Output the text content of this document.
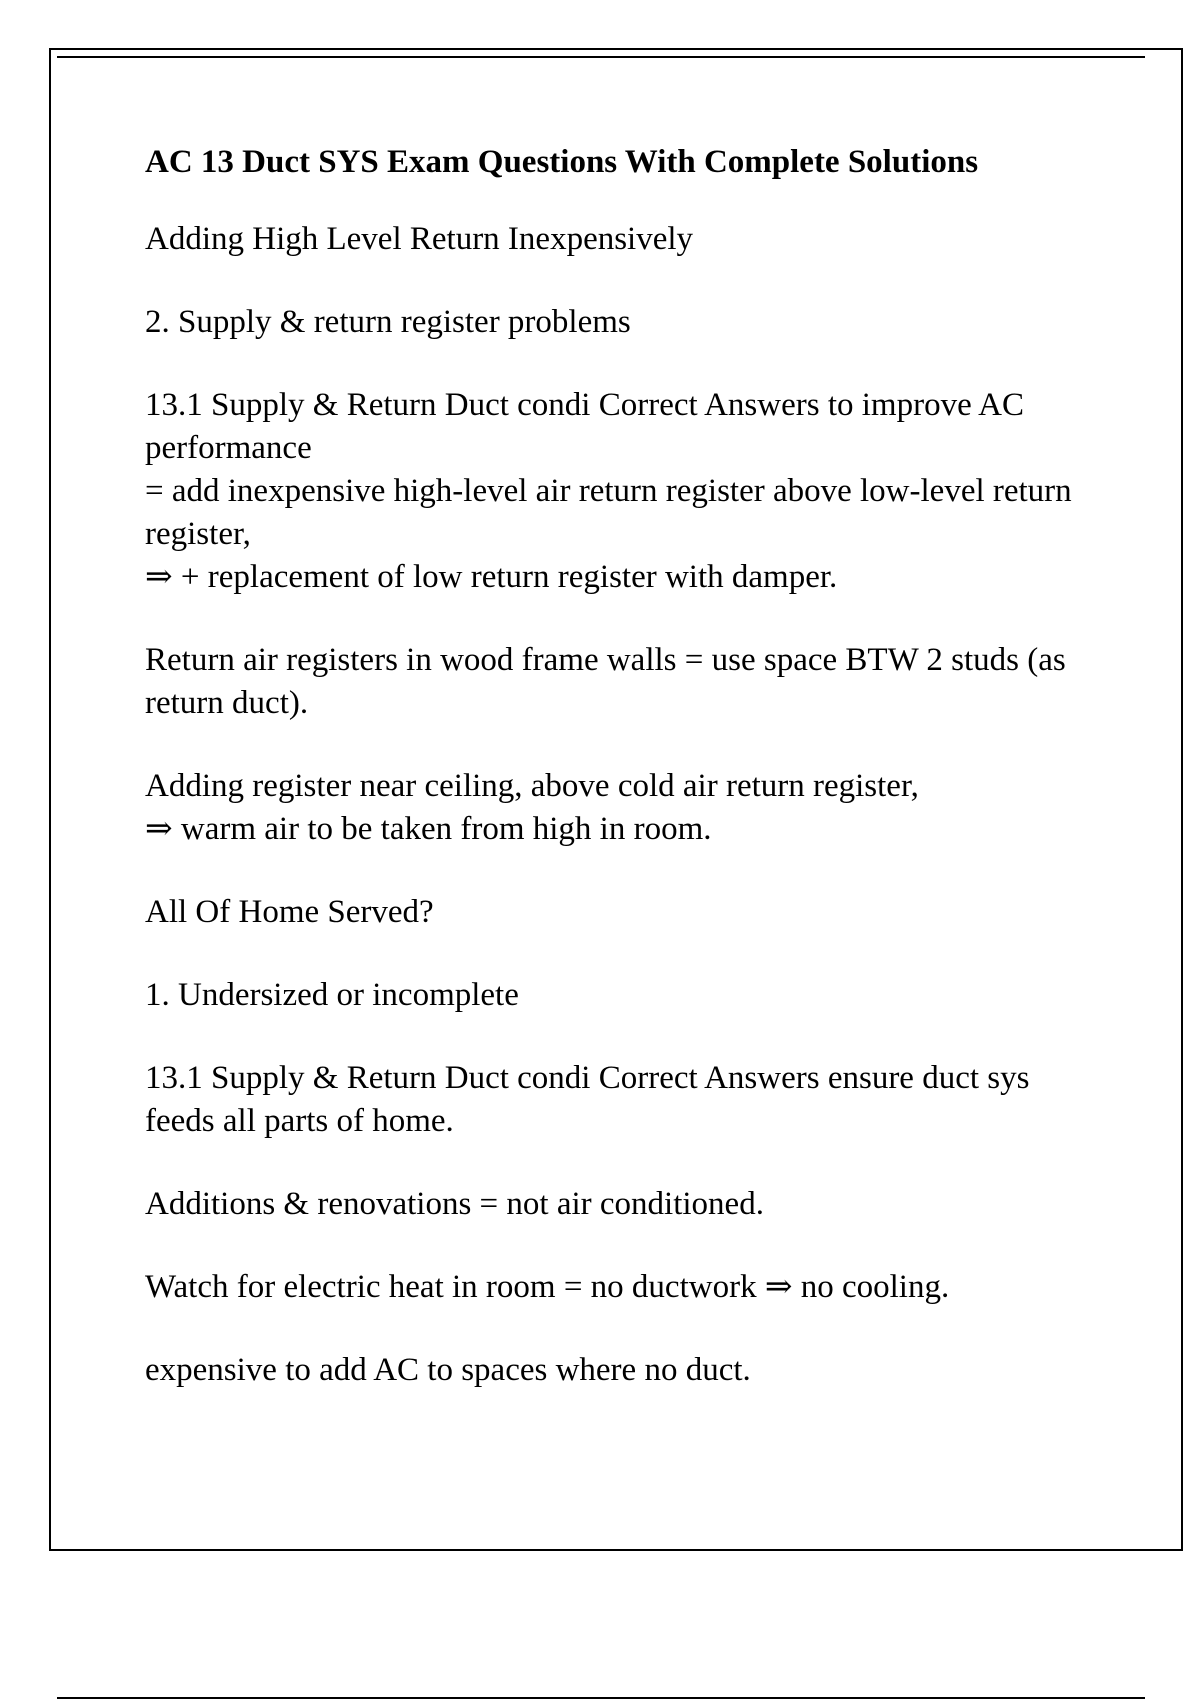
AC 13 Duct SYS Exam Questions With Complete Solutions
Adding High Level Return Inexpensively
2. Supply & return register problems
13.1 Supply & Return Duct condi Correct Answers to improve AC performance
= add inexpensive high-level air return register above low-level return register,
⇒ + replacement of low return register with damper.
Return air registers in wood frame walls = use space BTW 2 studs (as return duct).
Adding register near ceiling, above cold air return register,
⇒ warm air to be taken from high in room.
All Of Home Served?
1. Undersized or incomplete
13.1 Supply & Return Duct condi Correct Answers ensure duct sys feeds all parts of home.
Additions & renovations = not air conditioned.
Watch for electric heat in room = no ductwork ⇒ no cooling.
expensive to add AC to spaces where no duct.
